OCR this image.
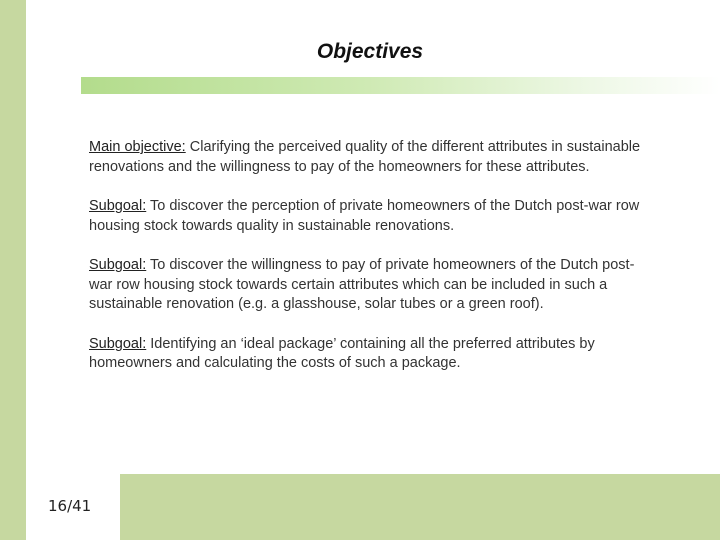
Objectives

Main objective: Clarifying the perceived quality of the different attributes in sustainable renovations and the willingness to pay of the homeowners for these attributes.

Subgoal: To discover the perception of private homeowners of the Dutch post-war row housing stock towards quality in sustainable renovations.

Subgoal: To discover the willingness to pay of private homeowners of the Dutch post-war row housing stock towards certain attributes which can be included in such a sustainable renovation (e.g. a glasshouse, solar tubes or a green roof).

Subgoal: Identifying an ‘ideal package’ containing all the preferred attributes by homeowners and calculating the costs of such a package.

16/41
